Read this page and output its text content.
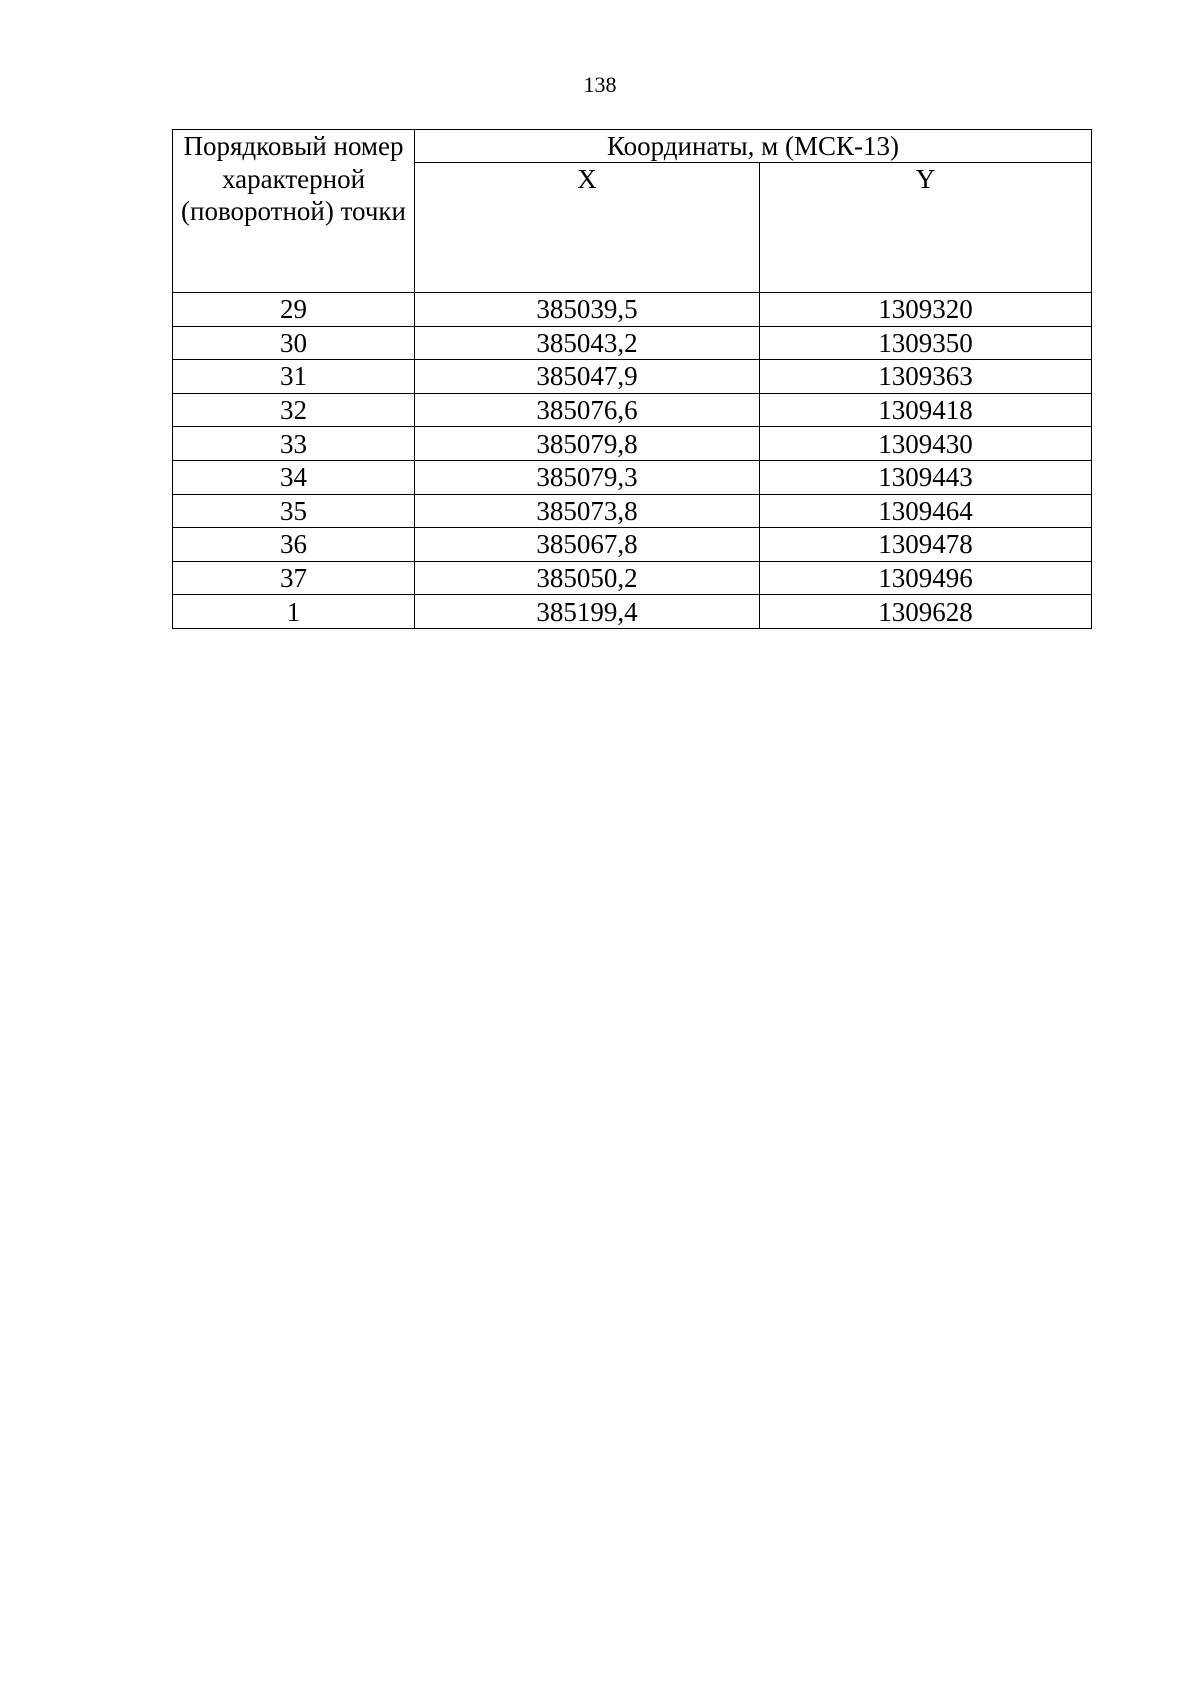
138
Порядковый номер характерной (поворотной) точки	Координаты, м (МСК-13)	
	X	Y
29	385039,5	1309320
30	385043,2	1309350
31	385047,9	1309363
32	385076,6	1309418
33	385079,8	1309430
34	385079,3	1309443
35	385073,8	1309464
36	385067,8	1309478
37	385050,2	1309496
1	385199,4	1309628
